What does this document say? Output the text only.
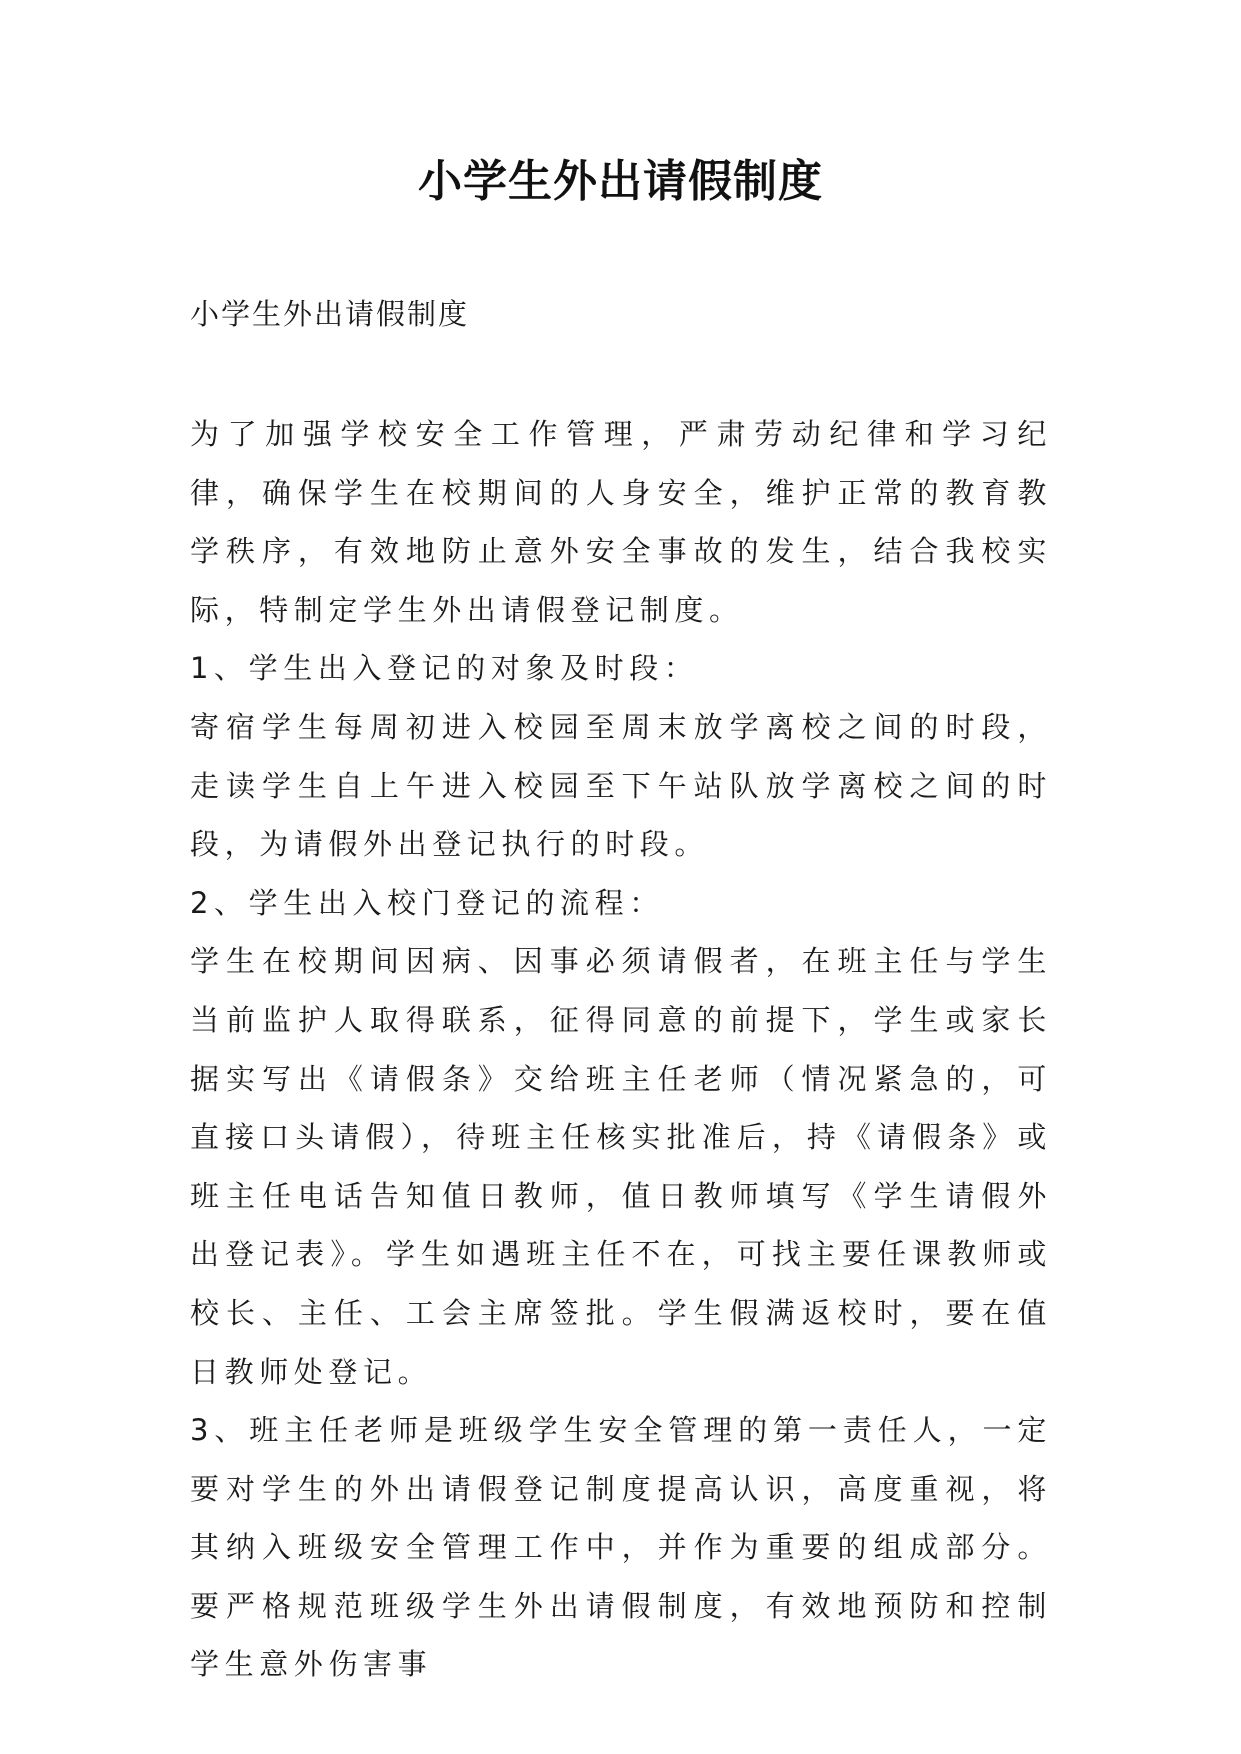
小学生外出请假制度
小学生外出请假制度

为了加强学校安全工作管理，严肃劳动纪律和学习纪律，确保学生在校期间的人身安全，维护正常的教育教学秩序，有效地防止意外安全事故的发生，结合我校实际，特制定学生外出请假登记制度。

1、学生出入登记的对象及时段：

寄宿学生每周初进入校园至周末放学离校之间的时段，走读学生自上午进入校园至下午站队放学离校之间的时段，为请假外出登记执行的时段。

2、学生出入校门登记的流程：

学生在校期间因病、因事必须请假者，在班主任与学生当前监护人取得联系，征得同意的前提下，学生或家长据实写出《请假条》交给班主任老师（情况紧急的，可直接口头请假），待班主任核实批准后，持《请假条》或班主任电话告知值日教师，值日教师填写《学生请假外出登记表》。学生如遇班主任不在，可找主要任课教师或校长、主任、工会主席签批。学生假满返校时，要在值日教师处登记。

3、班主任老师是班级学生安全管理的第一责任人，一定要对学生的外出请假登记制度提高认识，高度重视，将其纳入班级安全管理工作中，并作为重要的组成部分。要严格规范班级学生外出请假制度，有效地预防和控制学生意外伤害事
